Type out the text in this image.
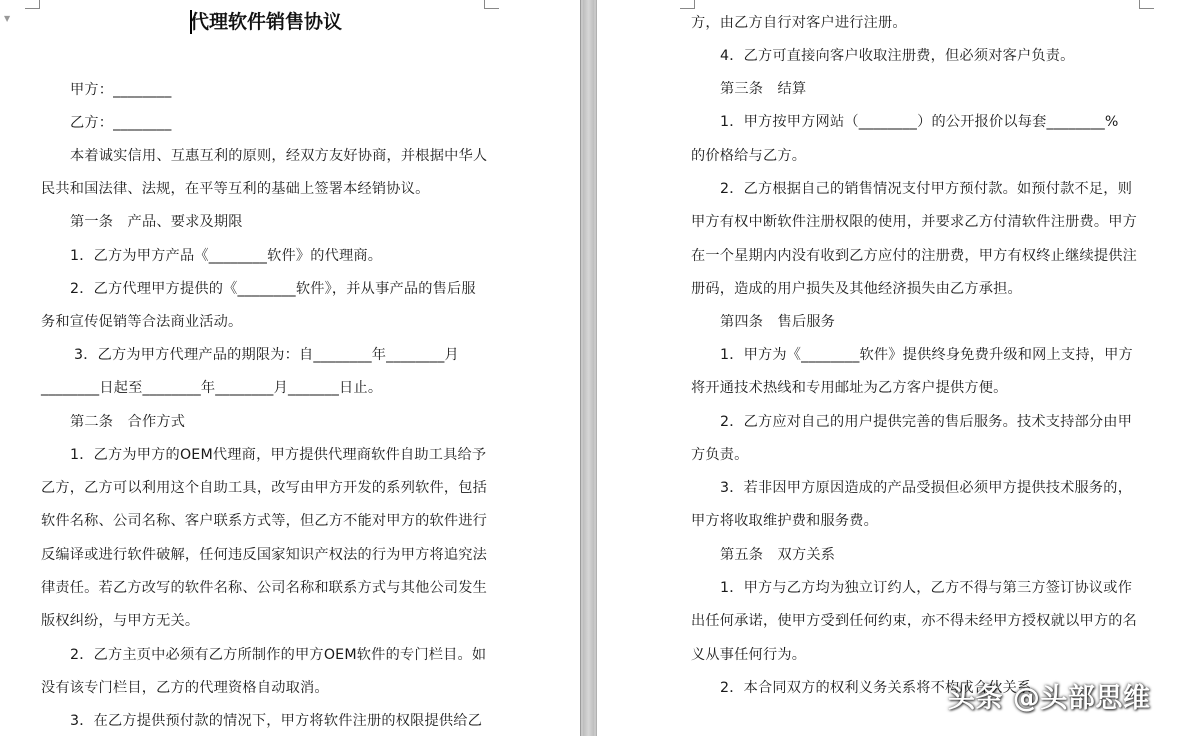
▼	代理软件销售协议
甲方：________
乙方：________
本着诚实信用、互惠互利的原则，经双方友好协商，并根据中华人
民共和国法律、法规，在平等互利的基础上签署本经销协议。
第一条　产品、要求及期限
1．乙方为甲方产品《________软件》的代理商。
2．乙方代理甲方提供的《________软件》，并从事产品的售后服
务和宣传促销等合法商业活动。
3．乙方为甲方代理产品的期限为：自________年________月
________日起至________年________月_______日止。
第二条　合作方式
1．乙方为甲方的OEM代理商，甲方提供代理商软件自助工具给予
乙方，乙方可以利用这个自助工具，改写由甲方开发的系列软件，包括
软件名称、公司名称、客户联系方式等，但乙方不能对甲方的软件进行
反编译或进行软件破解，任何违反国家知识产权法的行为甲方将追究法
律责任。若乙方改写的软件名称、公司名称和联系方式与其他公司发生
版权纠纷，与甲方无关。
2．乙方主页中必须有乙方所制作的甲方OEM软件的专门栏目。如
没有该专门栏目，乙方的代理资格自动取消。
3．在乙方提供预付款的情况下，甲方将软件注册的权限提供给乙
方，由乙方自行对客户进行注册。
4．乙方可直接向客户收取注册费，但必须对客户负责。
第三条　结算
1．甲方按甲方网站（________）的公开报价以每套________%
的价格给与乙方。
2．乙方根据自己的销售情况支付甲方预付款。如预付款不足，则
甲方有权中断软件注册权限的使用，并要求乙方付清软件注册费。甲方
在一个星期内内没有收到乙方应付的注册费，甲方有权终止继续提供注
册码，造成的用户损失及其他经济损失由乙方承担。
第四条　售后服务
1．甲方为《________软件》提供终身免费升级和网上支持，甲方
将开通技术热线和专用邮址为乙方客户提供方便。
2．乙方应对自己的用户提供完善的售后服务。技术支持部分由甲
方负责。
3．若非因甲方原因造成的产品受损但必须甲方提供技术服务的，
甲方将收取维护费和服务费。
第五条　双方关系
1．甲方与乙方均为独立订约人，乙方不得与第三方签订协议或作
出任何承诺，使甲方受到任何约束，亦不得未经甲方授权就以甲方的名
义从事任何行为。
2．本合同双方的权利义务关系将不构成合伙关系
头条 @头部思维
